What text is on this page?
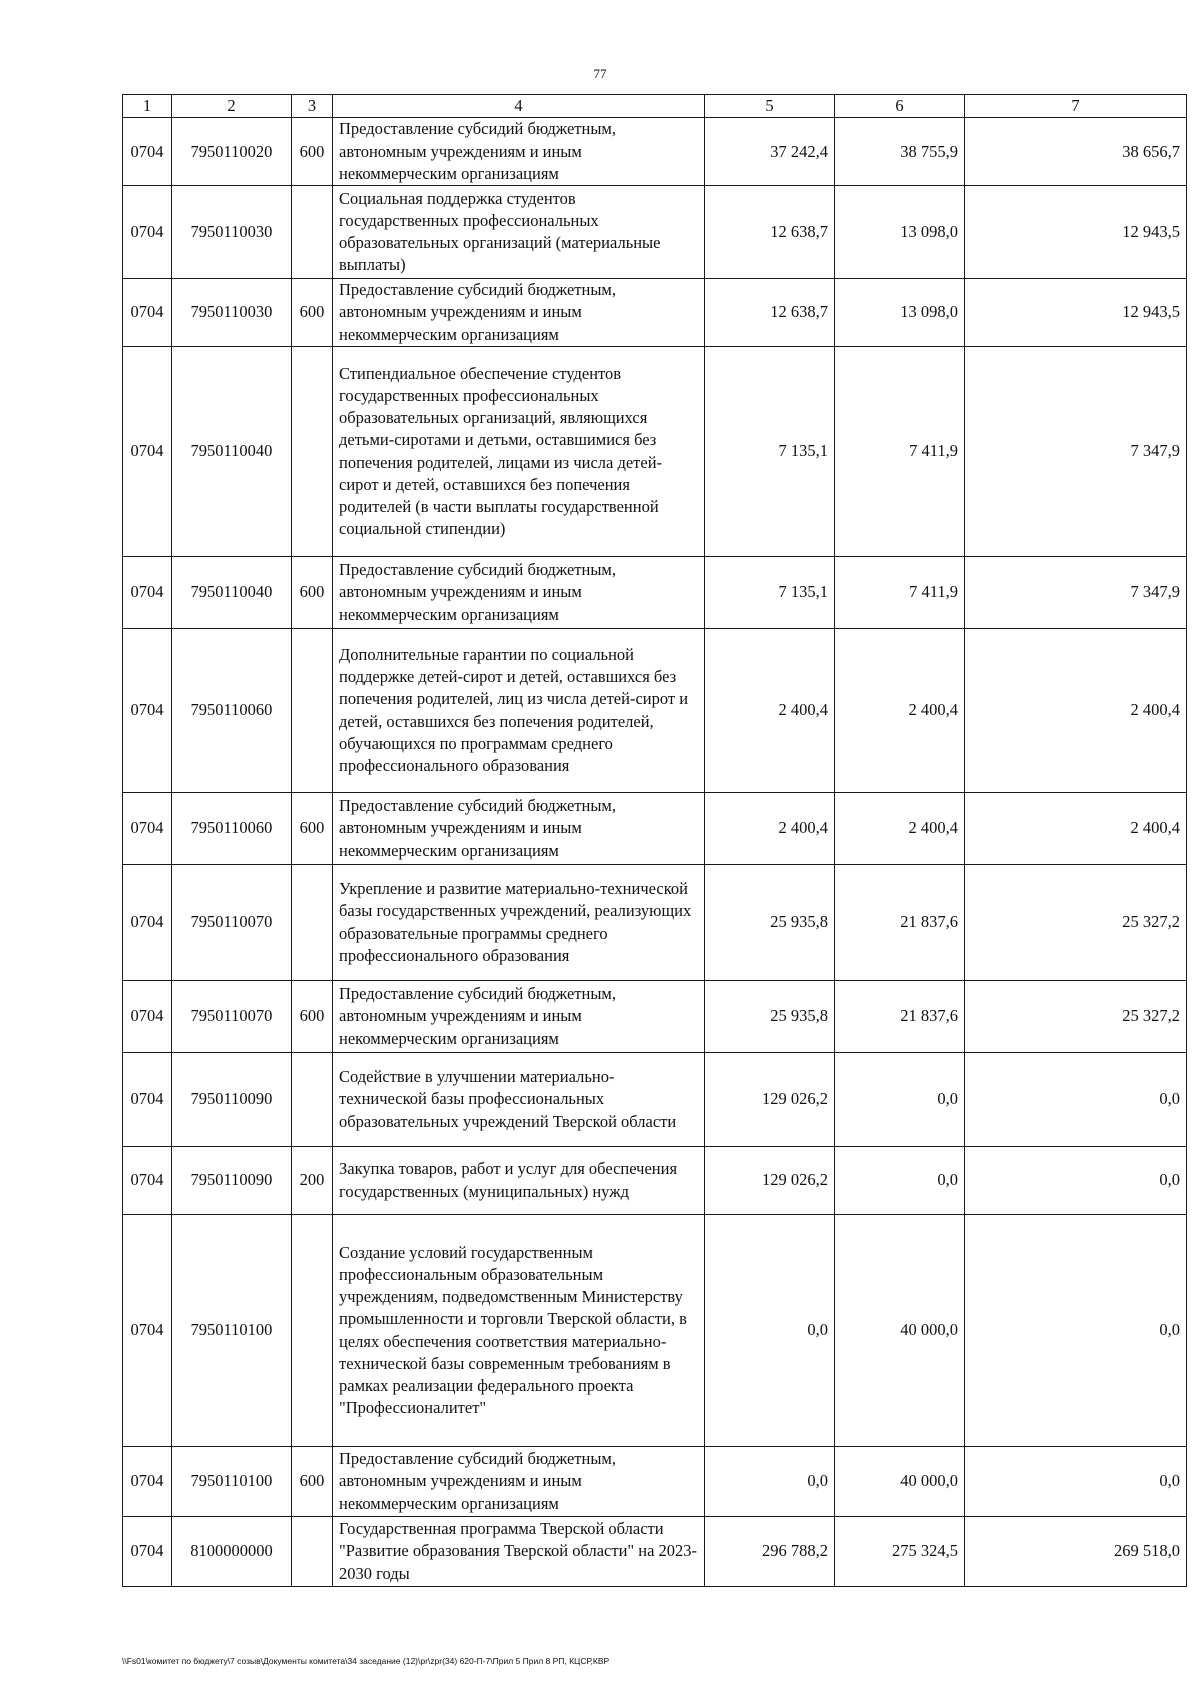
77
1	2	3	4	5	6	7
0704	7950110020	600	Предоставление субсидий бюджетным, автономным учреждениям и иным некоммерческим организациям	37 242,4	38 755,9	38 656,7
0704	7950110030		Социальная поддержка студентов государственных профессиональных образовательных организаций (материальные выплаты)	12 638,7	13 098,0	12 943,5
0704	7950110030	600	Предоставление субсидий бюджетным, автономным учреждениям и иным некоммерческим организациям	12 638,7	13 098,0	12 943,5
0704	7950110040		Стипендиальное обеспечение студентов государственных профессиональных образовательных организаций, являющихся детьми-сиротами и детьми, оставшимися без попечения родителей, лицами из числа детей-сирот и детей, оставшихся без попечения родителей (в части выплаты государственной социальной стипендии)	7 135,1	7 411,9	7 347,9
0704	7950110040	600	Предоставление субсидий бюджетным, автономным учреждениям и иным некоммерческим организациям	7 135,1	7 411,9	7 347,9
0704	7950110060		Дополнительные гарантии по социальной поддержке детей-сирот и детей, оставшихся без попечения родителей, лиц из числа детей-сирот и детей, оставшихся без попечения родителей, обучающихся по программам среднего профессионального образования	2 400,4	2 400,4	2 400,4
0704	7950110060	600	Предоставление субсидий бюджетным, автономным учреждениям и иным некоммерческим организациям	2 400,4	2 400,4	2 400,4
0704	7950110070		Укрепление и развитие материально-технической базы государственных учреждений, реализующих образовательные программы среднего профессионального образования	25 935,8	21 837,6	25 327,2
0704	7950110070	600	Предоставление субсидий бюджетным, автономным учреждениям и иным некоммерческим организациям	25 935,8	21 837,6	25 327,2
0704	7950110090		Содействие в улучшении материально-технической базы профессиональных образовательных учреждений Тверской области	129 026,2	0,0	0,0
0704	7950110090	200	Закупка товаров, работ и услуг для обеспечения государственных (муниципальных) нужд	129 026,2	0,0	0,0
0704	7950110100		Создание условий государственным профессиональным образовательным учреждениям, подведомственным Министерству промышленности и торговли Тверской области, в целях обеспечения соответствия материально-технической базы современным требованиям в рамках реализации федерального проекта "Профессионалитет"	0,0	40 000,0	0,0
0704	7950110100	600	Предоставление субсидий бюджетным, автономным учреждениям и иным некоммерческим организациям	0,0	40 000,0	0,0
0704	8100000000		Государственная программа Тверской области "Развитие образования Тверской области" на 2023-2030 годы	296 788,2	275 324,5	269 518,0
\\Fs01\комитет по бюджету\7 созыв\Документы комитета\34 заседание (12)\pr\zpr(34) 620-П-7\Прил 5 Прил 8 РП, КЦСР,КВР
